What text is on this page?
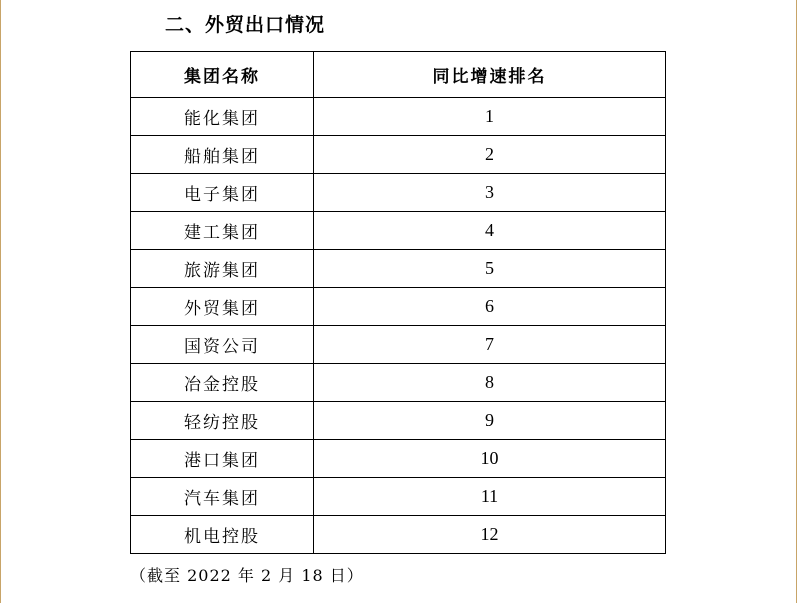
二、外贸出口情况
集团名称	同比增速排名
能化集团	1
船舶集团	2
电子集团	3
建工集团	4
旅游集团	5
外贸集团	6
国资公司	7
冶金控股	8
轻纺控股	9
港口集团	10
汽车集团	11
机电控股	12
（截至 2022 年 2 月 18 日）
